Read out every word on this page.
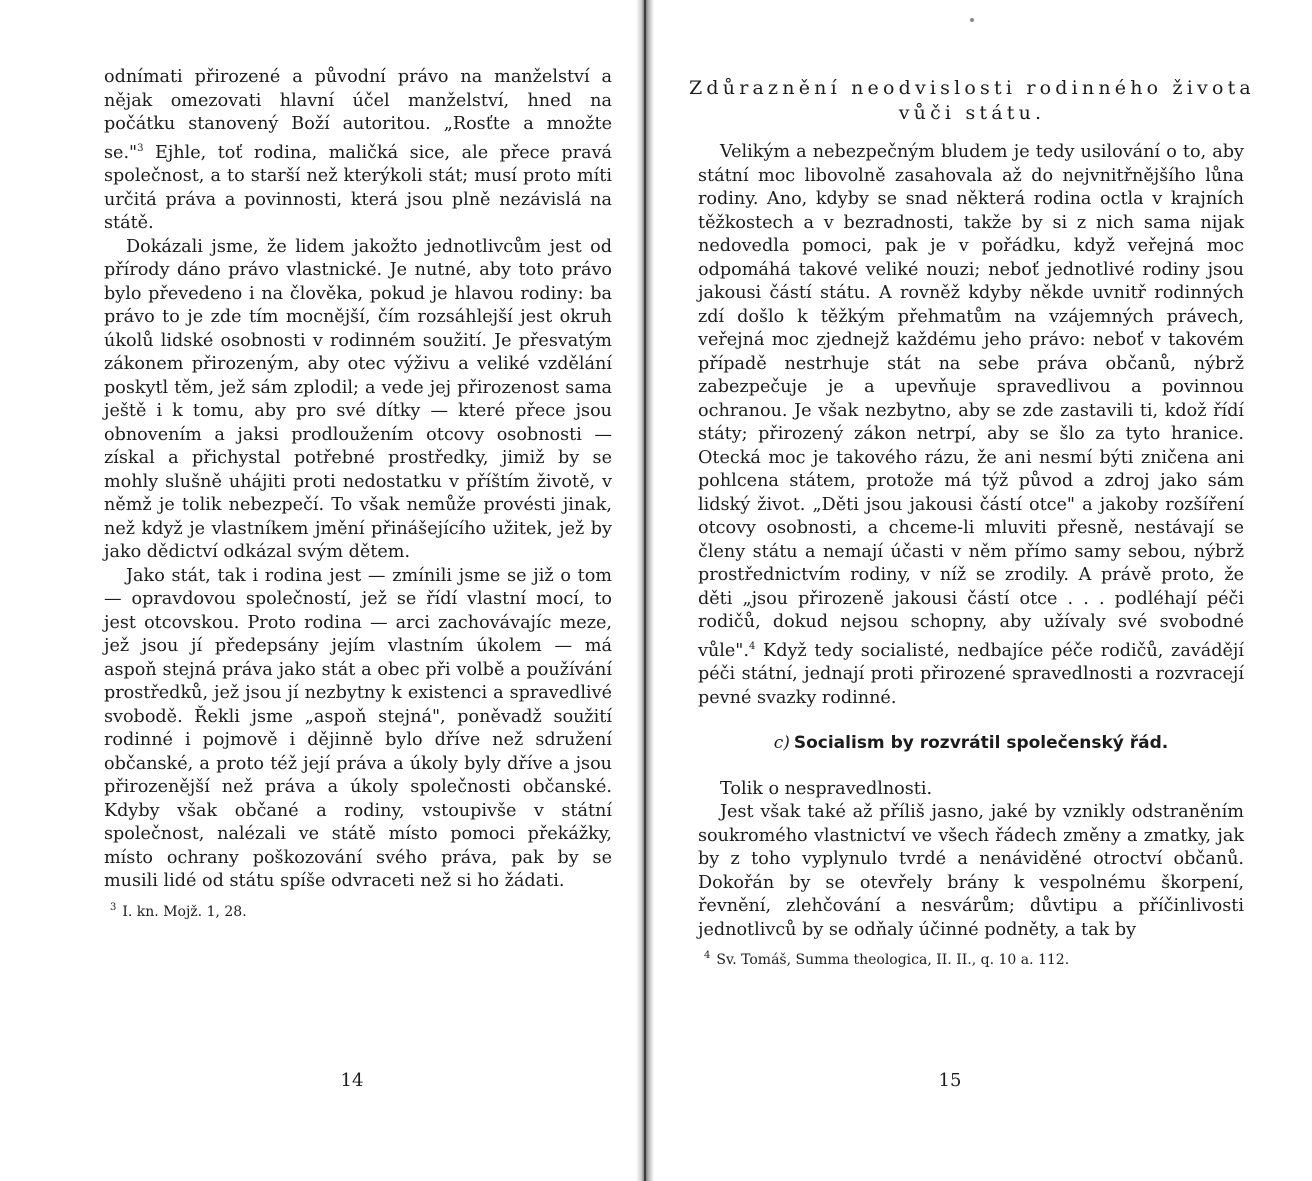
odnímati přirozené a původní právo na manželství a nějak omezovati hlavní účel manželství, hned na počátku stanovený Boží autoritou. „Rosťte a množte se."$^3$ Ejhle, toť rodina, maličká sice, ale přece pravá společnost, a to starší než kterýkoli stát; musí proto míti určitá práva a povinnosti, která jsou plně nezávislá na státě.

Dokázali jsme, že lidem jakožto jednotlivcům jest od přírody dáno právo vlastnické. Je nutné, aby toto právo bylo převedeno i na člověka, pokud je hlavou rodiny: ba právo to je zde tím mocnější, čím rozsáhlejší jest okruh úkolů lidské osobnosti v rodinném soužití. Je přesvatým zákonem přirozeným, aby otec výživu a veliké vzdělání poskytl těm, jež sám zplodil; a vede jej přirozenost sama ještě i k tomu, aby pro své dítky — které přece jsou obnovením a jaksi prodloužením otcovy osobnosti — získal a přichystal potřebné prostředky, jimiž by se mohly slušně uhájiti proti nedostatku v příštím životě, v němž je tolik nebezpečí. To však nemůže provésti jinak, než když je vlastníkem jmění přinášejícího užitek, jež by jako dědictví odkázal svým dětem.

Jako stát, tak i rodina jest — zmínili jsme se již o tom — opravdovou společností, jež se řídí vlastní mocí, to jest otcovskou. Proto rodina — arci zachovávajíc meze, jež jsou jí předepsány jejím vlastním úkolem — má aspoň stejná práva jako stát a obec při volbě a používání prostředků, jež jsou jí nezbytny k existenci a spravedlivé svobodě. Řekli jsme „aspoň stejná", poněvadž soužití rodinné i pojmově i dějinně bylo dříve než sdružení občanské, a proto též její práva a úkoly byly dříve a jsou přirozenější než práva a úkoly společnosti občanské. Kdyby však občané a rodiny, vstoupivše v státní společnost, nalézali ve státě místo pomoci překážky, místo ochrany poškozování svého práva, pak by se musili lidé od státu spíše odvraceti než si ho žádati.

$^3$ I. kn. Mojž. 1, 28.
14
Zdůraznění neodvislosti rodinného života vůči státu.

Velikým a nebezpečným bludem je tedy usilování o to, aby státní moc libovolně zasahovala až do nejvnitřnějšího lůna rodiny. Ano, kdyby se snad některá rodina octla v krajních těžkostech a v bezradnosti, takže by si z nich sama nijak nedovedla pomoci, pak je v pořádku, když veřejná moc odpomáhá takové veliké nouzi; neboť jednotlivé rodiny jsou jakousi částí státu. A rovněž kdyby někde uvnitř rodinných zdí došlo k těžkým přehmatům na vzájemných právech, veřejná moc zjednejž každému jeho právo: neboť v takovém případě nestrhuje stát na sebe práva občanů, nýbrž zabezpečuje je a upevňuje spravedlivou a povinnou ochranou. Je však nezbytno, aby se zde zastavili ti, kdož řídí státy; přirozený zákon netrpí, aby se šlo za tyto hranice. Otecká moc je takového rázu, že ani nesmí býti zničena ani pohlcena státem, protože má týž původ a zdroj jako sám lidský život. „Děti jsou jakousi částí otce" a jakoby rozšíření otcovy osobnosti, a chceme-li mluviti přesně, nestávají se členy státu a nemají účasti v něm přímo samy sebou, nýbrž prostřednictvím rodiny, v níž se zrodily. A právě proto, že děti „jsou přirozeně jakousi částí otce . . . podléhají péči rodičů, dokud nejsou schopny, aby užívaly své svobodné vůle".$^4$ Když tedy socialisté, nedbajíce péče rodičů, zavádějí péči státní, jednají proti přirozené spravedlnosti a rozvracejí pevné svazky rodinné.

c) Socialism by rozvrátil společenský řád.

Tolik o nespravedlnosti.

Jest však také až příliš jasno, jaké by vznikly odstraněním soukromého vlastnictví ve všech řádech změny a zmatky, jak by z toho vyplynulo tvrdé a nenáviděné otroctví občanů. Dokořán by se otevřely brány k vespolnému škorpení, řevnění, zlehčování a nesvárům; důvtipu a příčinlivosti jednotlivců by se odňaly účinné podněty, a tak by

$^4$ Sv. Tomáš, Summa theologica, II. II., q. 10 a. 112.
15
